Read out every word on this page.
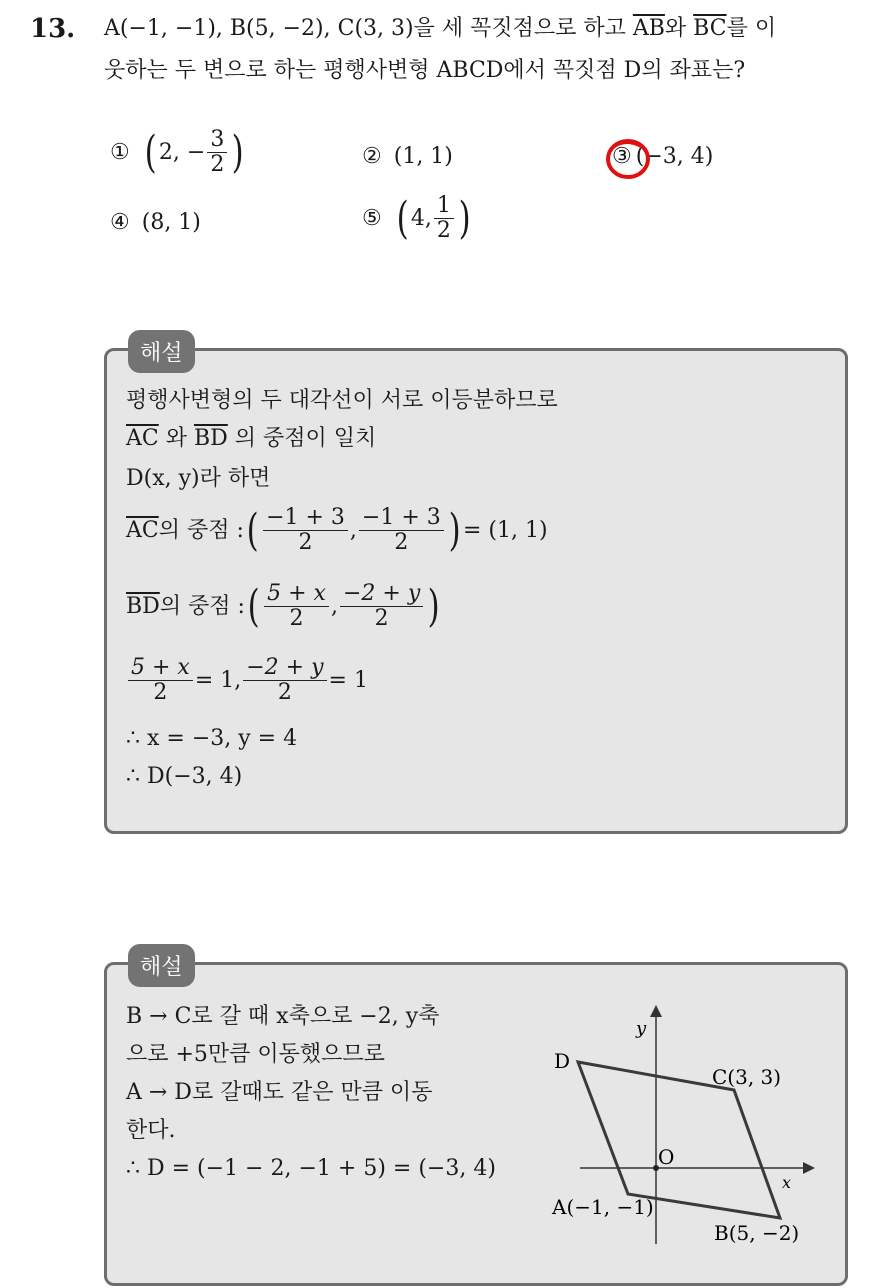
13. A(−1, −1), B(5, −2), C(3, 3)을 세 꼭짓점으로 하고 $\overline{AB}$와 $\overline{BC}$를 이
웃하는 두 변으로 하는 평행사변형 ABCD에서 꼭짓점 D의 좌표는?
① ( 2, − $\frac{3}{2}$ )	② (1, 1)	③ (−3, 4)
④ (8, 1)	⑤ ( 4, $\frac{1}{2}$ )
해설
평행사변형의 두 대각선이 서로 이등분하므로
$\overline{AC}$ 와 $\overline{BD}$ 의 중점이 일치
D(x, y)라 하면
$\overline{AC}$ 의 중점 : ( $\frac{-1 + 3}{2}$ , $\frac{-1 + 3}{2}$ ) = (1, 1)
$\overline{BD}$ 의 중점 : ( $\frac{5 + x}{2}$ , $\frac{-2 + y}{2}$ )
$\frac{5 + x}{2} = 1$, $\frac{-2 + y}{2} = 1$
∴ x = −3, y = 4
∴ D(−3, 4)
해설
B → C로 갈 때 x축으로 −2, y축
으로 +5만큼 이동했으므로
A → D로 갈때도 같은 만큼 이동
한다.
∴ D = (−1 − 2, −1 + 5) = (−3, 4)
y
x
O
D
C(3, 3)
A(−1, −1)
B(5, −2)
